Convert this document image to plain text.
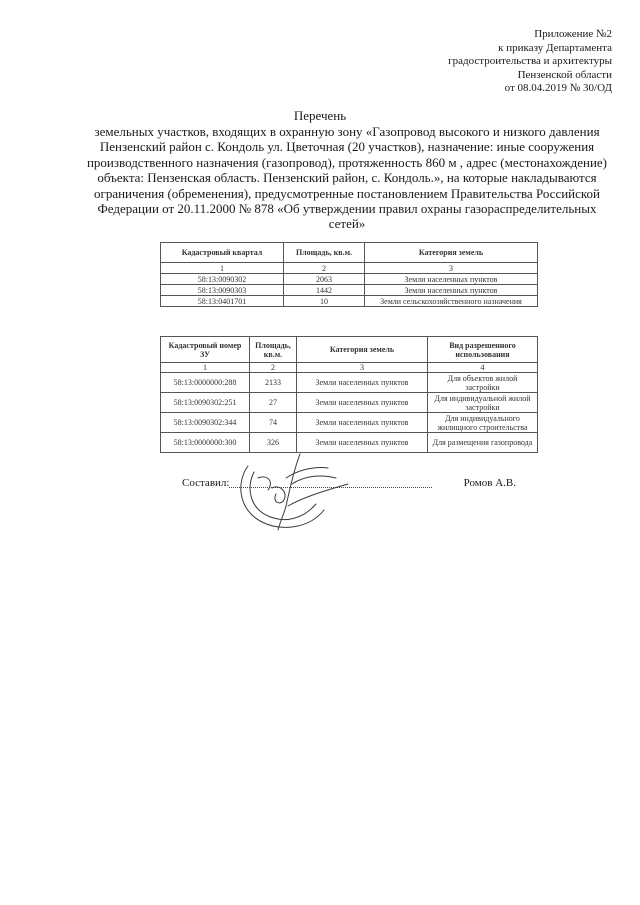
Приложение №2
к приказу Департамента
градостроительства и архитектуры
Пензенской области
от 08.04.2019 № 30/ОД
Перечень
земельных участков, входящих в охранную зону «Газопровод высокого и низкого давления
Пензенский район с. Кондоль ул. Цветочная (20 участков), назначение: иные сооружения
производственного назначения (газопровод), протяженность 860 м , адрес (местонахождение)
объекта: Пензенская область. Пензенский район, с. Кондоль.», на которые накладываются
ограничения (обременения), предусмотренные постановлением Правительства Российской
Федерации от 20.11.2000 № 878 «Об утверждении правил охраны газораспределительных
сетей»
Кадастровый квартал	Площадь, кв.м.	Категория земель
1	2	3
58:13:0090302	2063	Земли населенных пунктов
58:13:0090303	1442	Земли населенных пунктов
58:13:0401701	10	Земли сельскохозяйственного назначения
Кадастровый номер ЗУ	Площадь, кв.м.	Категория земель	Вид разрешенного использования
1	2	3	4
58:13:0000000:288	2133	Земли населенных пунктов	Для объектов жилой застройки
58:13:0090302:251	27	Земли населенных пунктов	Для индивидуальной жилой застройки
58:13:0090302:344	74	Земли населенных пунктов	Для индивидуального жилищного строительства
58:13:0000000:300	326	Земли населенных пунктов	Для размещения газопровода
Составил:	Ромов А.В.
